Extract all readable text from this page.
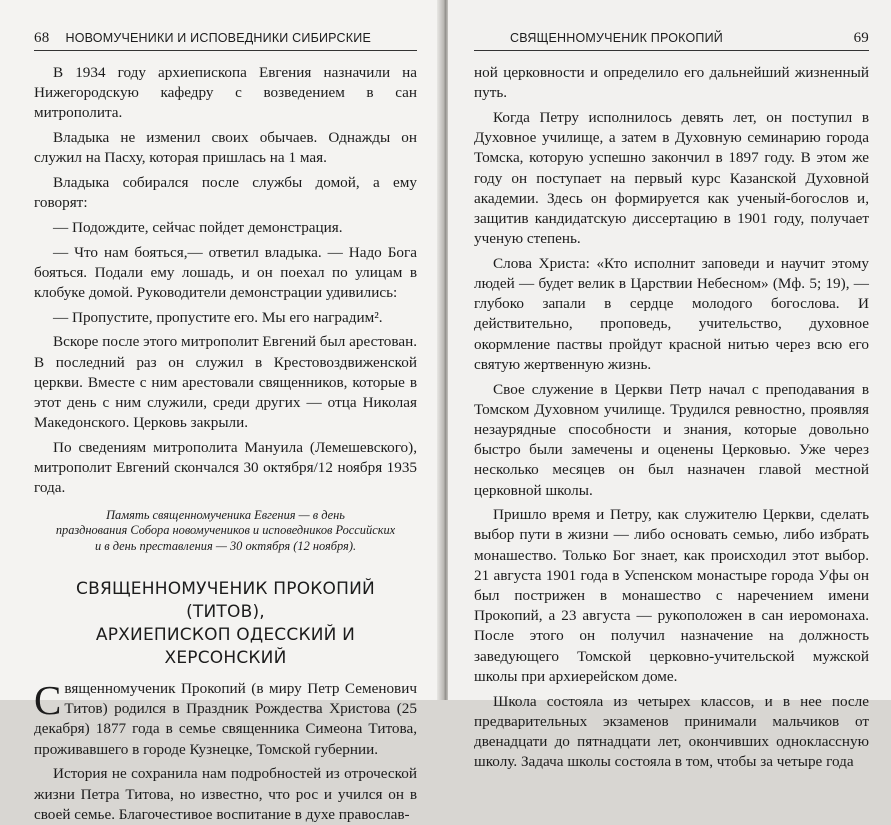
68 НОВОМУЧЕНИКИ И ИСПОВЕДНИКИ СИБИРСКИЕ

В 1934 году архиепископа Евгения назначили на Нижегородскую кафедру с возведением в сан митрополита.

Владыка не изменил своих обычаев. Однажды он служил на Пасху, которая пришлась на 1 мая.

Владыка собирался после службы домой, а ему говорят:

— Подождите, сейчас пойдет демонстрация.

— Что нам бояться,— ответил владыка. — Надо Бога бояться. Подали ему лошадь, и он поехал по улицам в клобуке домой. Руководители демонстрации удивились:

— Пропустите, пропустите его. Мы его наградим².

Вскоре после этого митрополит Евгений был арестован. В последний раз он служил в Крестовоздвиженской церкви. Вместе с ним арестовали священников, которые в этот день с ним служили, среди других — отца Николая Македонского. Церковь закрыли.

По сведениям митрополита Мануила (Лемешевского), митрополит Евгений скончался 30 октября/12 ноября 1935 года.

Память священномученика Евгения — в день
празднования Собора новомучеников и исповедников Российских
и в день преставления — 30 октября (12 ноября).
СВЯЩЕННОМУЧЕНИК ПРОКОПИЙ (ТИТОВ),
АРХИЕПИСКОП ОДЕССКИЙ И ХЕРСОНСКИЙ

Священномученик Прокопий (в миру Петр Семенович Титов) родился в Праздник Рождества Христова (25 декабря) 1877 года в семье священника Симеона Титова, проживавшего в городе Кузнецке, Томской губернии.

История не сохранила нам подробностей из отроческой жизни Петра Титова, но известно, что рос и учился он в своей семье. Благочестивое воспитание в духе православ-

СВЯЩЕННОМУЧЕНИК ПРОКОПИЙ	69

ной церковности и определило его дальнейший жизненный путь.

Когда Петру исполнилось девять лет, он поступил в Духовное училище, а затем в Духовную семинарию города Томска, которую успешно закончил в 1897 году. В этом же году он поступает на первый курс Казанской Духовной академии. Здесь он формируется как ученый-богослов и, защитив кандидатскую диссертацию в 1901 году, получает ученую степень.

Слова Христа: «Кто исполнит заповеди и научит этому людей — будет велик в Царствии Небесном» (Мф. 5; 19), — глубоко запали в сердце молодого богослова. И действительно, проповедь, учительство, духовное окормление паствы пройдут красной нитью через всю его святую жертвенную жизнь.

Свое служение в Церкви Петр начал с преподавания в Томском Духовном училище. Трудился ревностно, проявляя незаурядные способности и знания, которые довольно быстро были замечены и оценены Церковью. Уже через несколько месяцев он был назначен главой местной церковной школы.

Пришло время и Петру, как служителю Церкви, сделать выбор пути в жизни — либо основать семью, либо избрать монашество. Только Бог знает, как происходил этот выбор. 21 августа 1901 года в Успенском монастыре города Уфы он был пострижен в монашество с наречением имени Прокопий, а 23 августа — рукоположен в сан иеромонаха. После этого он получил назначение на должность заведующего Томской церковно-учительской мужской школы при архиерейском доме.

Школа состояла из четырех классов, и в нее после предварительных экзаменов принимали мальчиков от двенадцати до пятнадцати лет, окончивших одноклассную школу. Задача школы состояла в том, чтобы за четыре года
